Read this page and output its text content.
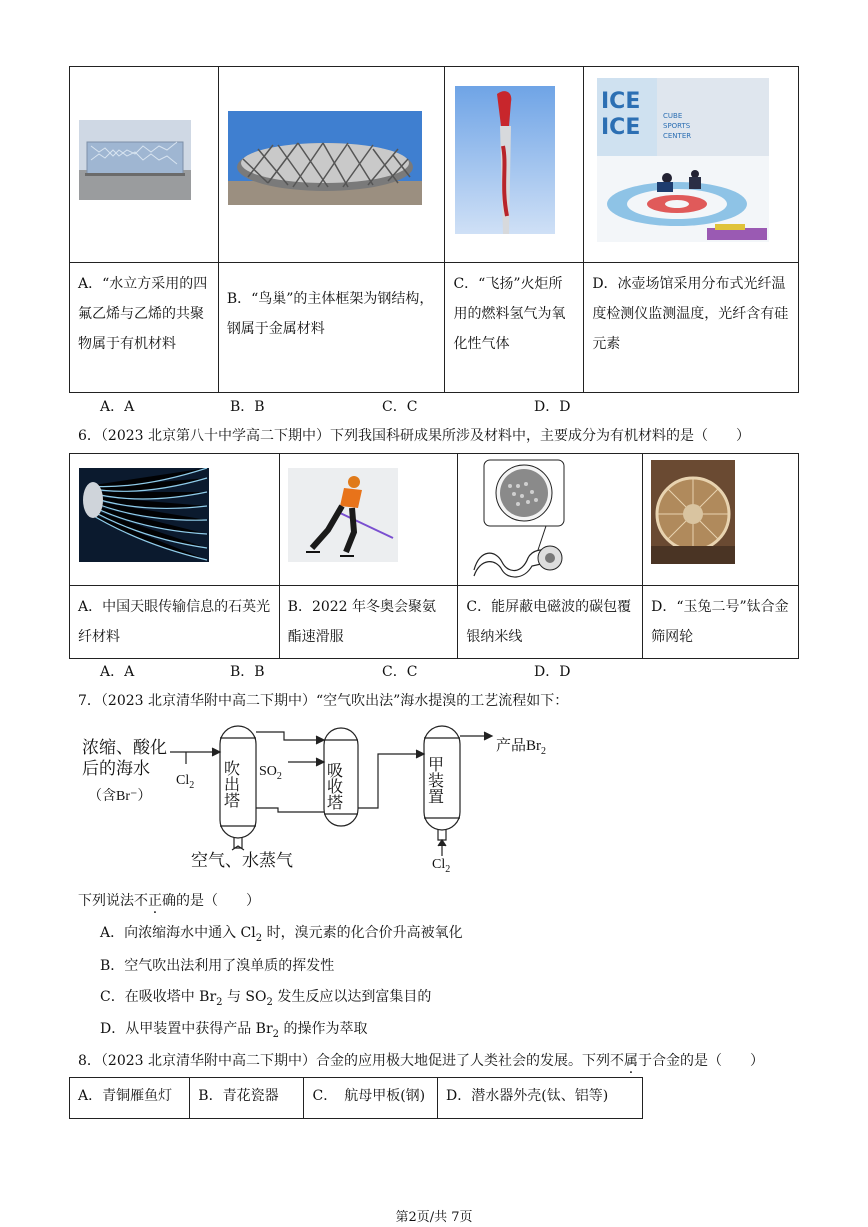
ICE
ICE CUBE
SPORTS
CENTER

A．“水立方采用的四氟乙烯与乙烯的共聚物属于有机材料	B．“鸟巢”的主体框架为钢结构，钢属于金属材料	C．“飞扬”火炬所用的燃料氢气为氧化性气体	D．冰壶场馆采用分布式光纤温度检测仪监测温度，光纤含有硅元素
A．A	B．B	C．C	D．D
6．（2023 北京第八十中学高二下期中）下列我国科研成果所涉及材料中，主要成分为有机材料的是（　　）

A．中国天眼传输信息的石英光纤材料	B．2022 年冬奥会聚氨酯速滑服	C．能屏蔽电磁波的碳包覆银纳米线	D．“玉兔二号”钛合金筛网轮
A．A	B．B	C．C	D．D
7．（2023 北京清华附中高二下期中）“空气吹出法”海水提溴的工艺流程如下：
浓缩、酸化
后的海水
（含Br⁻）
$Cl_2$
$SO_2$
产品$Br_2$
空气、水蒸气	$Cl_2$
吹出塔	吸收塔	甲装置
下列说法不正确的是（　　）
A．向浓缩海水中通入 $Cl_2$ 时，溴元素的化合价升高被氧化
B．空气吹出法利用了溴单质的挥发性
C．在吸收塔中 $Br_2$ 与 $SO_2$ 发生反应以达到富集目的
D．从甲装置中获得产品 $Br_2$ 的操作为萃取
8．（2023 北京清华附中高二下期中）合金的应用极大地促进了人类社会的发展。下列不属于合金的是（　　）
A．青铜雁鱼灯	B．青花瓷器	C．　航母甲板(钢)	D．潜水器外壳(钛、铝等)
第2页/共 7页
